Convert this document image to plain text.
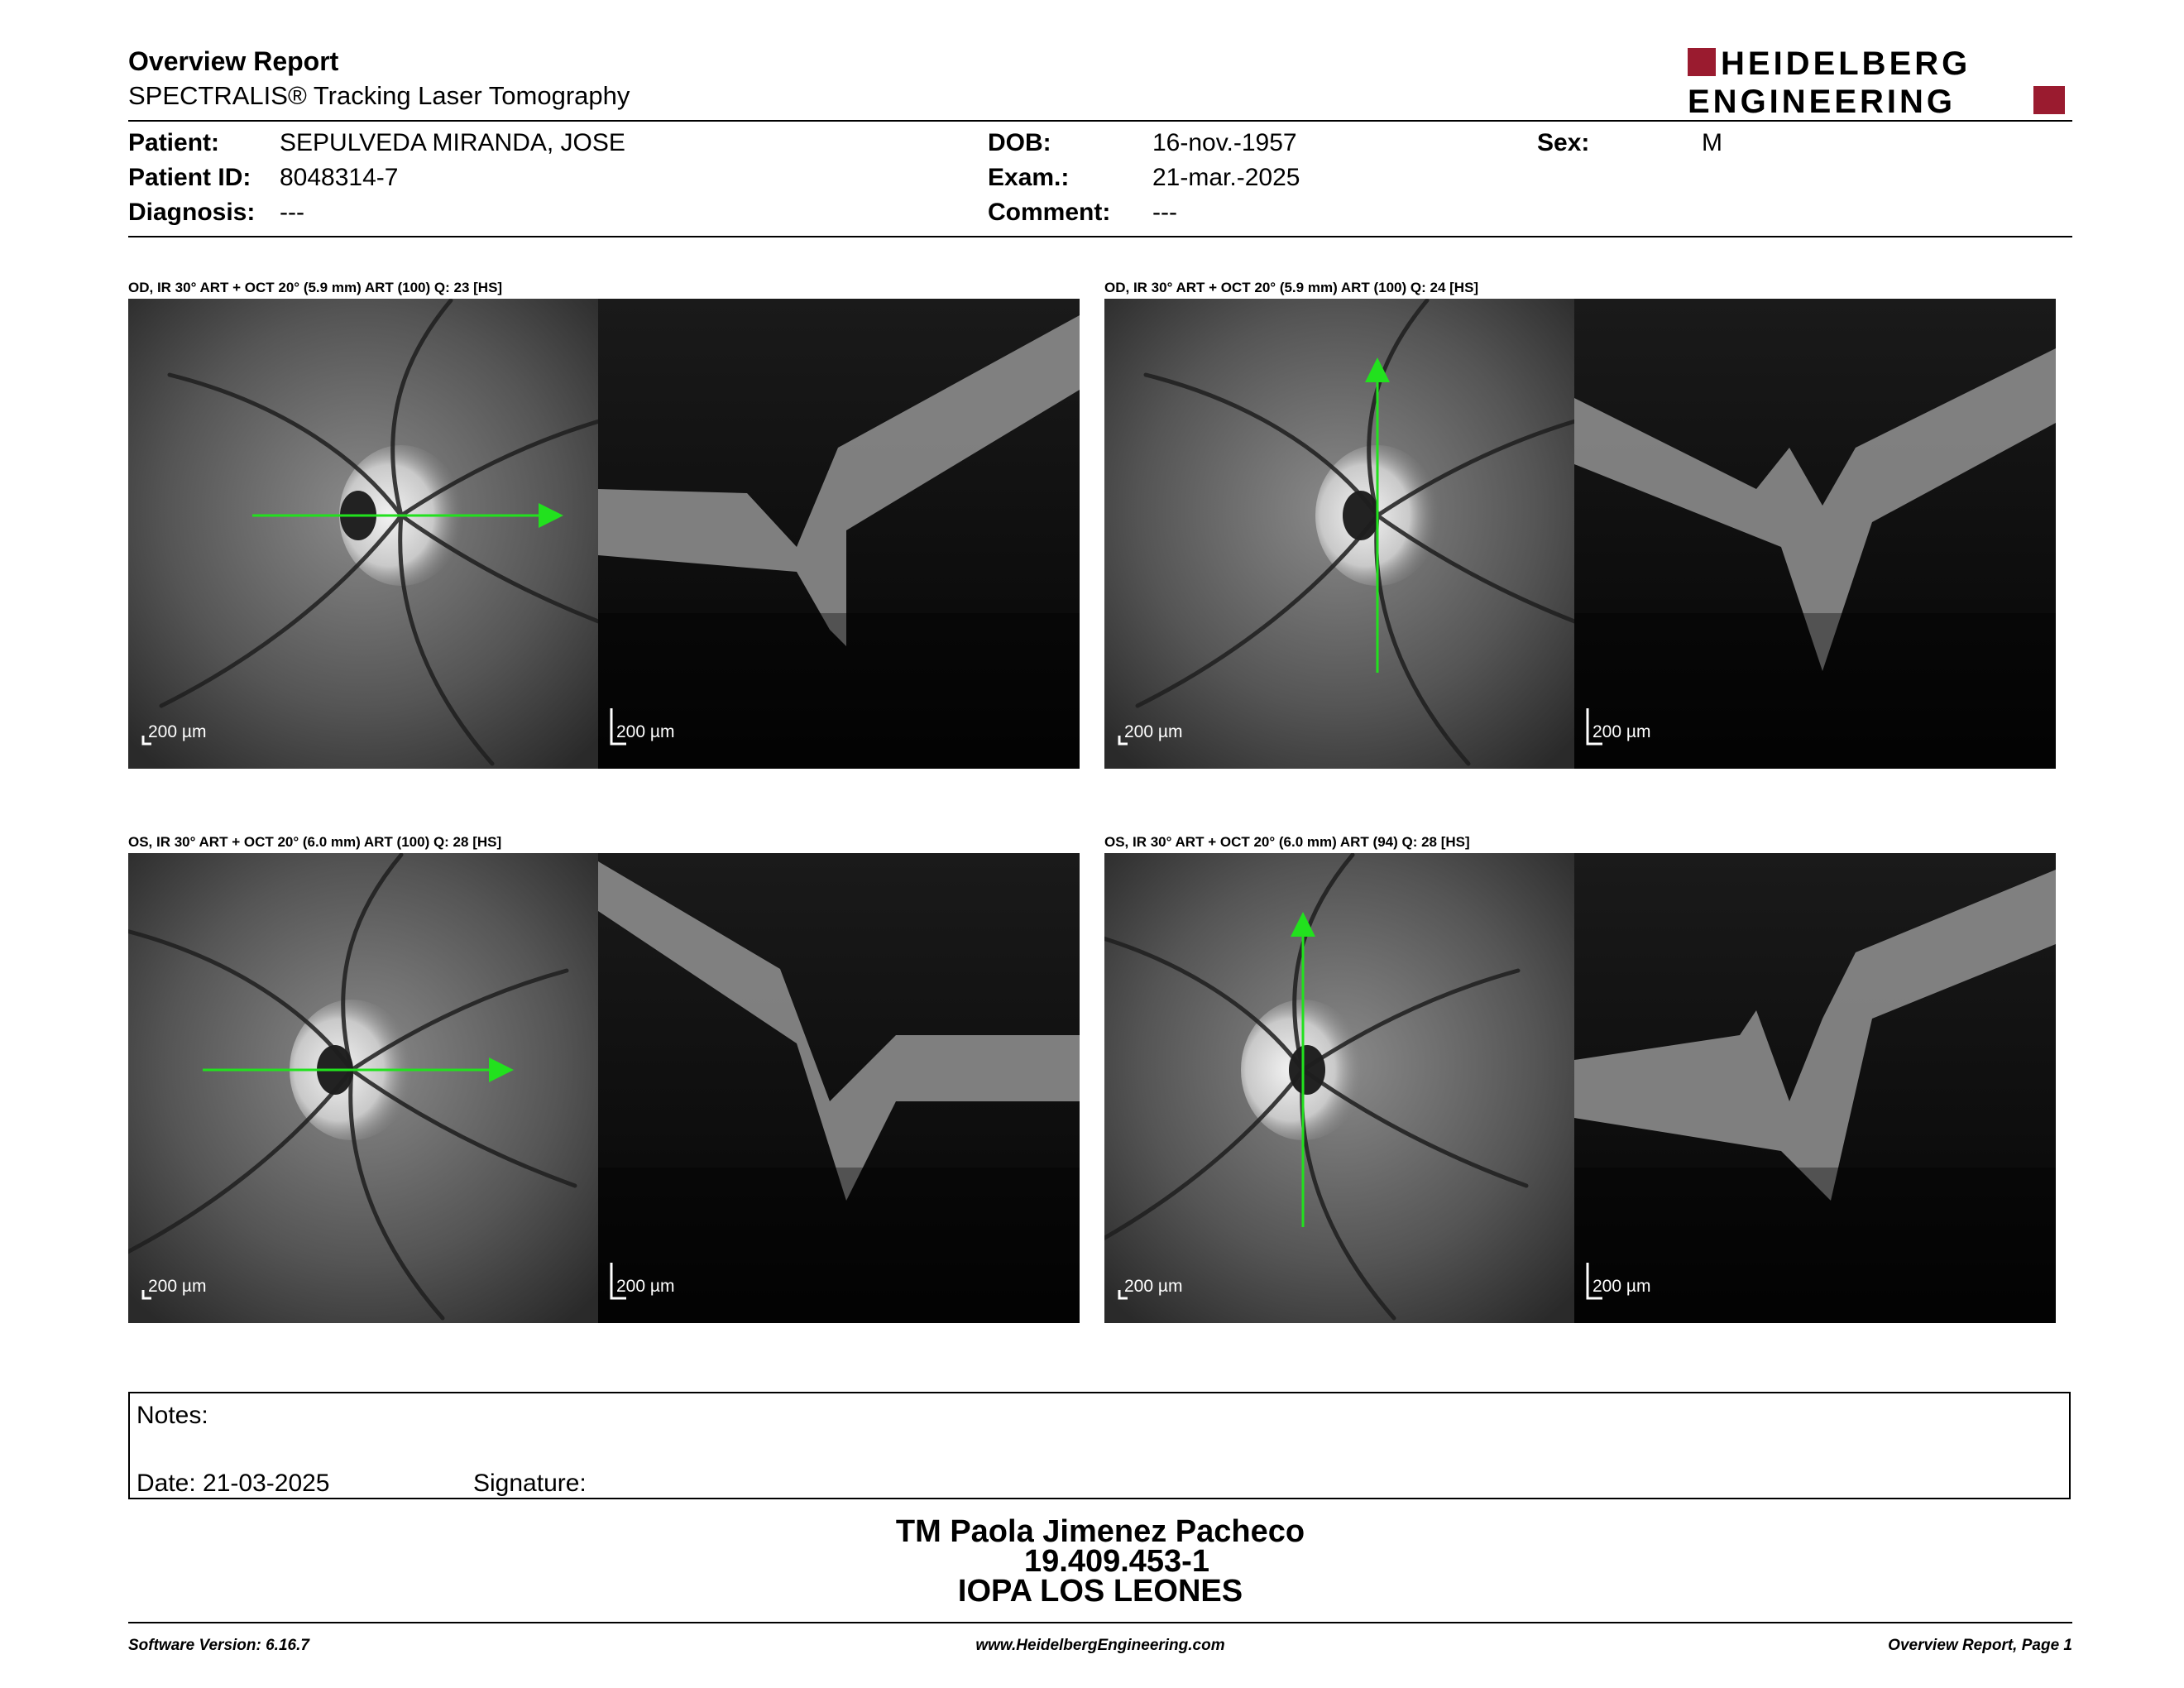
Overview Report
SPECTRALIS® Tracking Laser Tomography
HEIDELBERG
ENGINEERING
Patient: SEPULVEDA MIRANDA, JOSE
Patient ID: 8048314-7
Diagnosis: ---
DOB:	16-nov.-1957
Exam.:	21-mar.-2025
Comment: ---
Sex:	M
OD, IR 30° ART + OCT 20° (5.9 mm) ART (100) Q: 23 [HS]
200 µm	200 µm
OD, IR 30° ART + OCT 20° (5.9 mm) ART (100) Q: 24 [HS]
200 µm	200 µm
OS, IR 30° ART + OCT 20° (6.0 mm) ART (100) Q: 28 [HS]
200 µm	200 µm
OS, IR 30° ART + OCT 20° (6.0 mm) ART (94) Q: 28 [HS]
200 µm	200 µm
Notes:
Date: 21-03-2025	Signature:
TM Paola Jimenez Pacheco
19.409.453-1
IOPA LOS LEONES
Software Version: 6.16.7	www.HeidelbergEngineering.com	Overview Report, Page 1
